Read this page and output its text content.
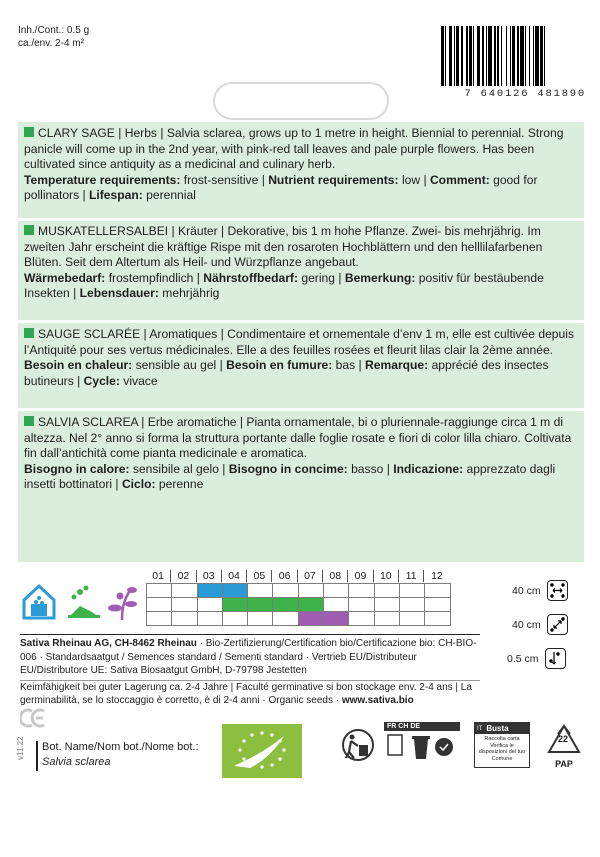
Inh./Cont.: 0.5 g
ca./env. 2-4 m²
7 640126 481890
CLARY SAGE | Herbs | Salvia sclarea, grows up to 1 metre in height. Biennial to perennial. Strong panicle will come up in the 2nd year, with pink-red tall leaves and pale purple flowers. Has been cultivated since antiquity as a medicinal and culinary herb.
Temperature requirements: frost-sensitive | Nutrient requirements: low | Comment: good for pollinators | Lifespan: perennial
MUSKATELLERSALBEI | Kräuter | Dekorative, bis 1 m hohe Pflanze. Zwei- bis mehrjährig. Im zweiten Jahr erscheint die kräftige Rispe mit den rosaroten Hochblättern und den helllilafarbenen Blüten. Seit dem Altertum als Heil- und Würzpflanze angebaut.
Wärmebedarf: frostempfindlich | Nährstoffbedarf: gering | Bemerkung: positiv für bestäubende Insekten | Lebensdauer: mehrjährig
SAUGE SCLARÉE | Aromatiques | Condimentaire et ornementale d’env 1 m, elle est cultivée depuis l’Antiquité pour ses vertus médicinales. Elle a des feuilles rosées et fleurit lilas clair la 2ème année.
Besoin en chaleur: sensible au gel | Besoin en fumure: bas | Remarque: apprécié des insectes butineurs | Cycle: vivace
SALVIA SCLAREA | Erbe aromatiche | Pianta ornamentale, bi o pluriennale-raggiunge circa 1 m di altezza. Nel 2° anno si forma la struttura portante dalle foglie rosate e fiori di color lilla chiaro. Coltivata fin dall’antichità come pianta medicinale e aromatica.
Bisogno in calore: sensibile al gelo | Bisogno in concime: basso | Indicazione: apprezzato dagli insetti bottinatori | Ciclo: perenne
01	02	03	04	05	06	07	08	09	10	11	12

40 cm
40 cm
0.5 cm
Sativa Rheinau AG, CH-8462 Rheinau · Bio-Zertifizierung/Certification bio/Certificazione bio: CH-BIO-006 · Standardsaatgut / Semences standard / Sementi standard · Vertrieb EU/Distributeur EU/Distributore UE: Sativa Biosaatgut GmbH, D-79798 Jestetten
Keimfähigkeit bei guter Lagerung ca. 2-4 Jahre | Faculté germinative si bon stockage env. 2-4 ans | La germinabilità, se lo stoccaggio è corretto, è di 2-4 anni · Organic seeds · www.sativa.bio
v11.22 Bot. Name/Nom bot./Nome bot.:
Salvia sclarea
FR CH DE	IT Busta
Raccolta carta Verifica le disposizioni del tuo Comune
22
PAP
